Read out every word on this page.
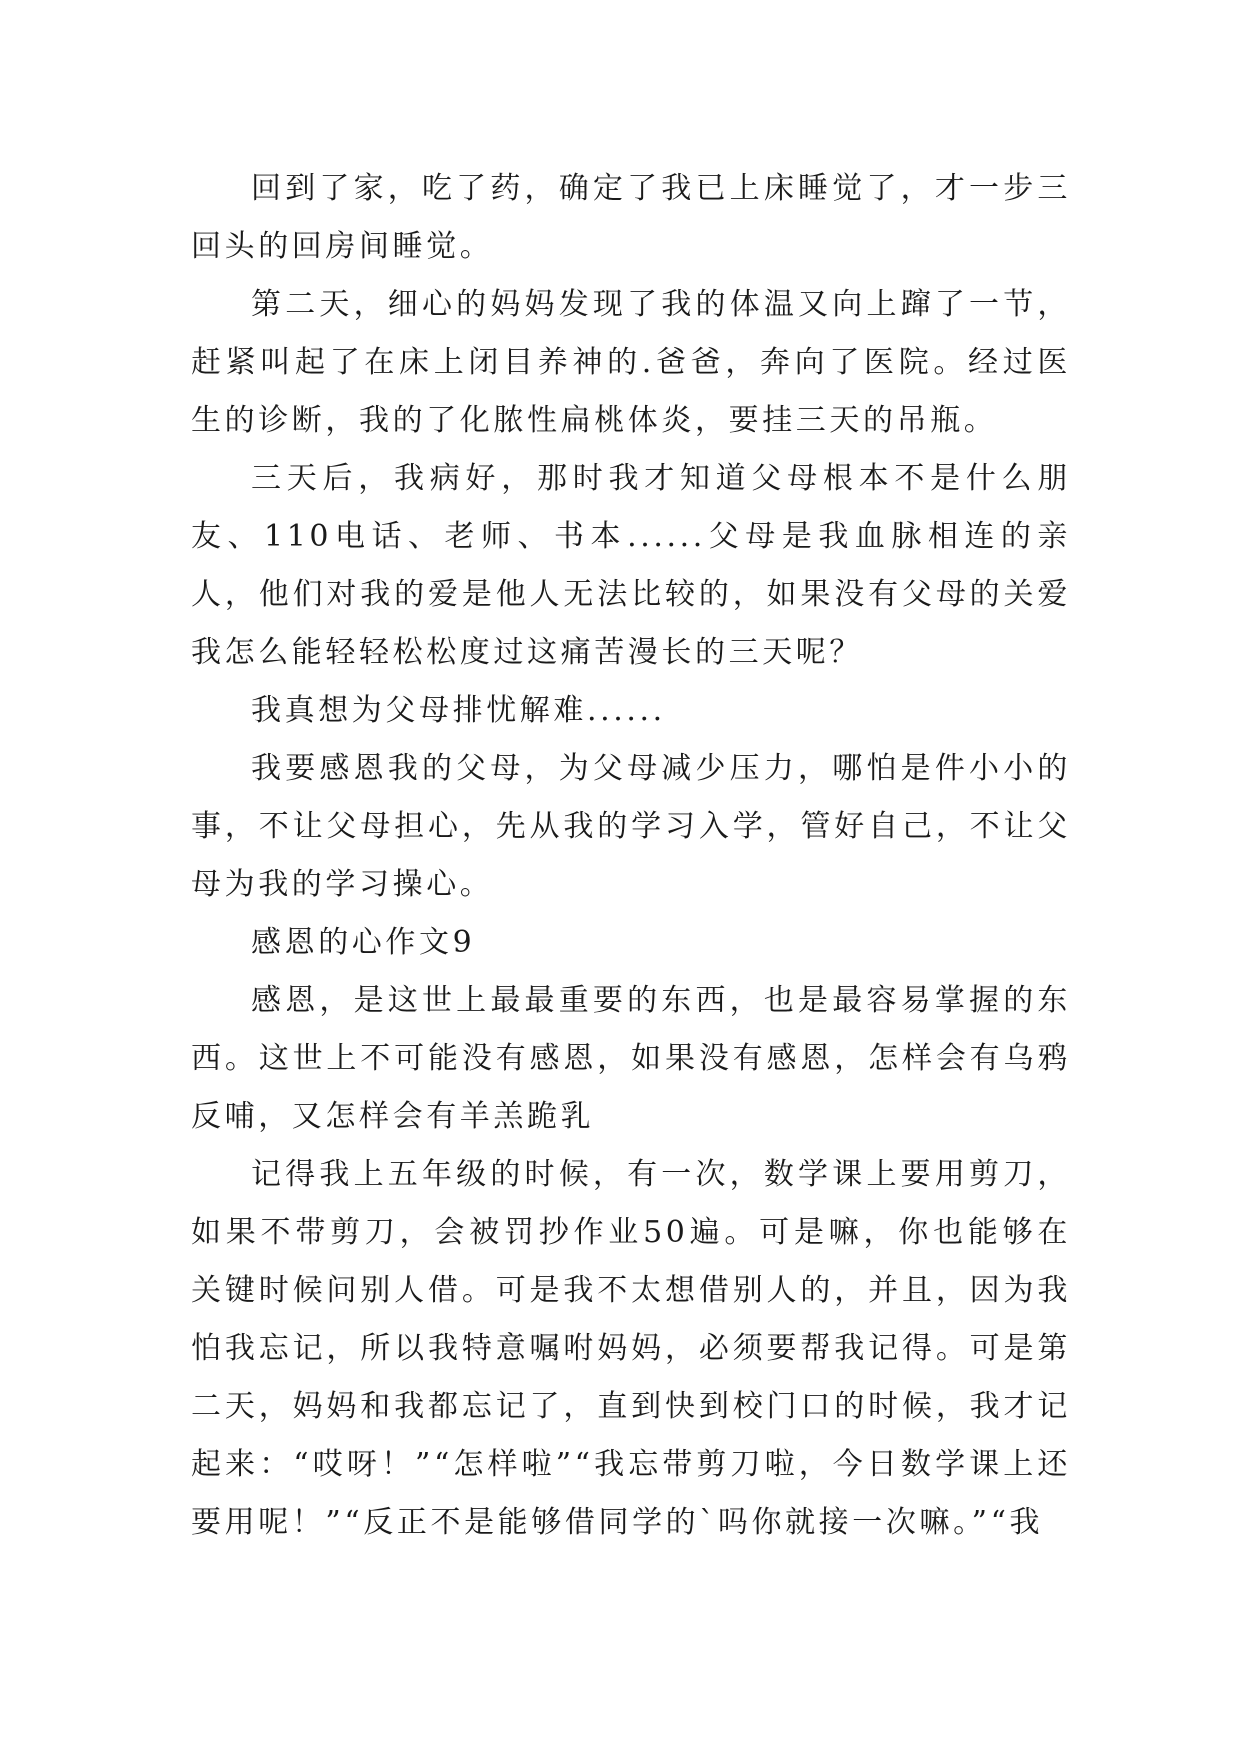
回到了家，吃了药，确定了我已上床睡觉了，才一步三回头的回房间睡觉。

第二天，细心的妈妈发现了我的体温又向上蹿了一节，赶紧叫起了在床上闭目养神的.爸爸，奔向了医院。经过医生的诊断，我的了化脓性扁桃体炎，要挂三天的吊瓶。

三天后，我病好，那时我才知道父母根本不是什么朋友、110电话、老师、书本......父母是我血脉相连的亲人，他们对我的爱是他人无法比较的，如果没有父母的关爱我怎么能轻轻松松度过这痛苦漫长的三天呢？

我真想为父母排忧解难......

我要感恩我的父母，为父母减少压力，哪怕是件小小的事，不让父母担心，先从我的学习入学，管好自己，不让父母为我的学习操心。

感恩的心作文9

感恩，是这世上最最重要的东西，也是最容易掌握的东西。这世上不可能没有感恩，如果没有感恩，怎样会有乌鸦反哺，又怎样会有羊羔跪乳

记得我上五年级的时候，有一次，数学课上要用剪刀，如果不带剪刀，会被罚抄作业50遍。可是嘛，你也能够在关键时候问别人借。可是我不太想借别人的，并且，因为我怕我忘记，所以我特意嘱咐妈妈，必须要帮我记得。可是第二天，妈妈和我都忘记了，直到快到校门口的时候，我才记起来：“哎呀！”“怎样啦”“我忘带剪刀啦，今日数学课上还要用呢！”“反正不是能够借同学的`吗你就接一次嘛。”“我
